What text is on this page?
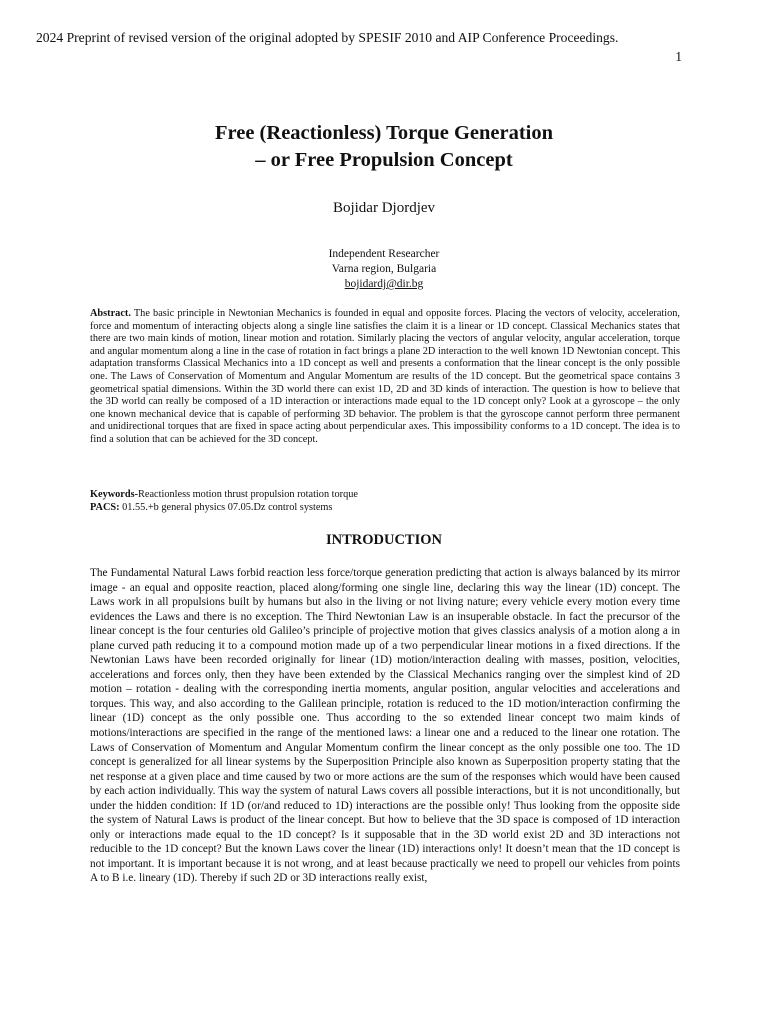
2024 Preprint of revised version of the original adopted by SPESIF 2010 and AIP Conference Proceedings.
1
Free (Reactionless) Torque Generation
– or Free Propulsion Concept
Bojidar Djordjev
Independent Researcher
Varna region, Bulgaria
bojidardj@dir.bg
Abstract. The basic principle in Newtonian Mechanics is founded in equal and opposite forces. Placing the vectors of velocity, acceleration, force and momentum of interacting objects along a single line satisfies the claim it is a linear or 1D concept. Classical Mechanics states that there are two main kinds of motion, linear motion and rotation. Similarly placing the vectors of angular velocity, angular acceleration, torque and angular momentum along a line in the case of rotation in fact brings a plane 2D interaction to the well known 1D Newtonian concept. This adaptation transforms Classical Mechanics into a 1D concept as well and presents a conformation that the linear concept is the only possible one. The Laws of Conservation of Momentum and Angular Momentum are results of the 1D concept. But the geometrical space contains 3 geometrical spatial dimensions. Within the 3D world there can exist 1D, 2D and 3D kinds of interaction. The question is how to believe that the 3D world can really be composed of a 1D interaction or interactions made equal to the 1D concept only? Look at a gyroscope – the only one known mechanical device that is capable of performing 3D behavior. The problem is that the gyroscope cannot perform three permanent and unidirectional torques that are fixed in space acting about perpendicular axes. This impossibility conforms to a 1D concept. The idea is to find a solution that can be achieved for the 3D concept.
Keywords-Reactionless motion thrust propulsion rotation torque
PACS: 01.55.+b general physics 07.05.Dz control systems
INTRODUCTION
The Fundamental Natural Laws forbid reaction less force/torque generation predicting that action is always balanced by its mirror image - an equal and opposite reaction, placed along/forming one single line, declaring this way the linear (1D) concept. The Laws work in all propulsions built by humans but also in the living or not living nature; every vehicle every motion every time evidences the Laws and there is no exception. The Third Newtonian Law is an insuperable obstacle. In fact the precursor of the linear concept is the four centuries old Galileo’s principle of projective motion that gives classics analysis of a motion along a in plane curved path reducing it to a compound motion made up of a two perpendicular linear motions in a fixed directions. If the Newtonian Laws have been recorded originally for linear (1D) motion/interaction dealing with masses, position, velocities, accelerations and forces only, then they have been extended by the Classical Mechanics ranging over the simplest kind of 2D motion – rotation - dealing with the corresponding inertia moments, angular position, angular velocities and accelerations and torques. This way, and also according to the Galilean principle, rotation is reduced to the 1D motion/interaction confirming the linear (1D) concept as the only possible one. Thus according to the so extended linear concept two maim kinds of motions/interactions are specified in the range of the mentioned laws: a linear one and a reduced to the linear one rotation. The Laws of Conservation of Momentum and Angular Momentum confirm the linear concept as the only possible one too. The 1D concept is generalized for all linear systems by the Superposition Principle also known as Superposition property stating that the net response at a given place and time caused by two or more actions are the sum of the responses which would have been caused by each action individually. This way the system of natural Laws covers all possible interactions, but it is not unconditionally, but under the hidden condition: If 1D (or/and reduced to 1D) interactions are the possible only! Thus looking from the opposite side the system of Natural Laws is product of the linear concept. But how to believe that the 3D space is composed of 1D interaction only or interactions made equal to the 1D concept? Is it supposable that in the 3D world exist 2D and 3D interactions not reducible to the 1D concept? But the known Laws cover the linear (1D) interactions only! It doesn’t mean that the 1D concept is not important. It is important because it is not wrong, and at least because practically we need to propell our vehicles from points A to B i.e. lineary (1D). Thereby if such 2D or 3D interactions really exist,
